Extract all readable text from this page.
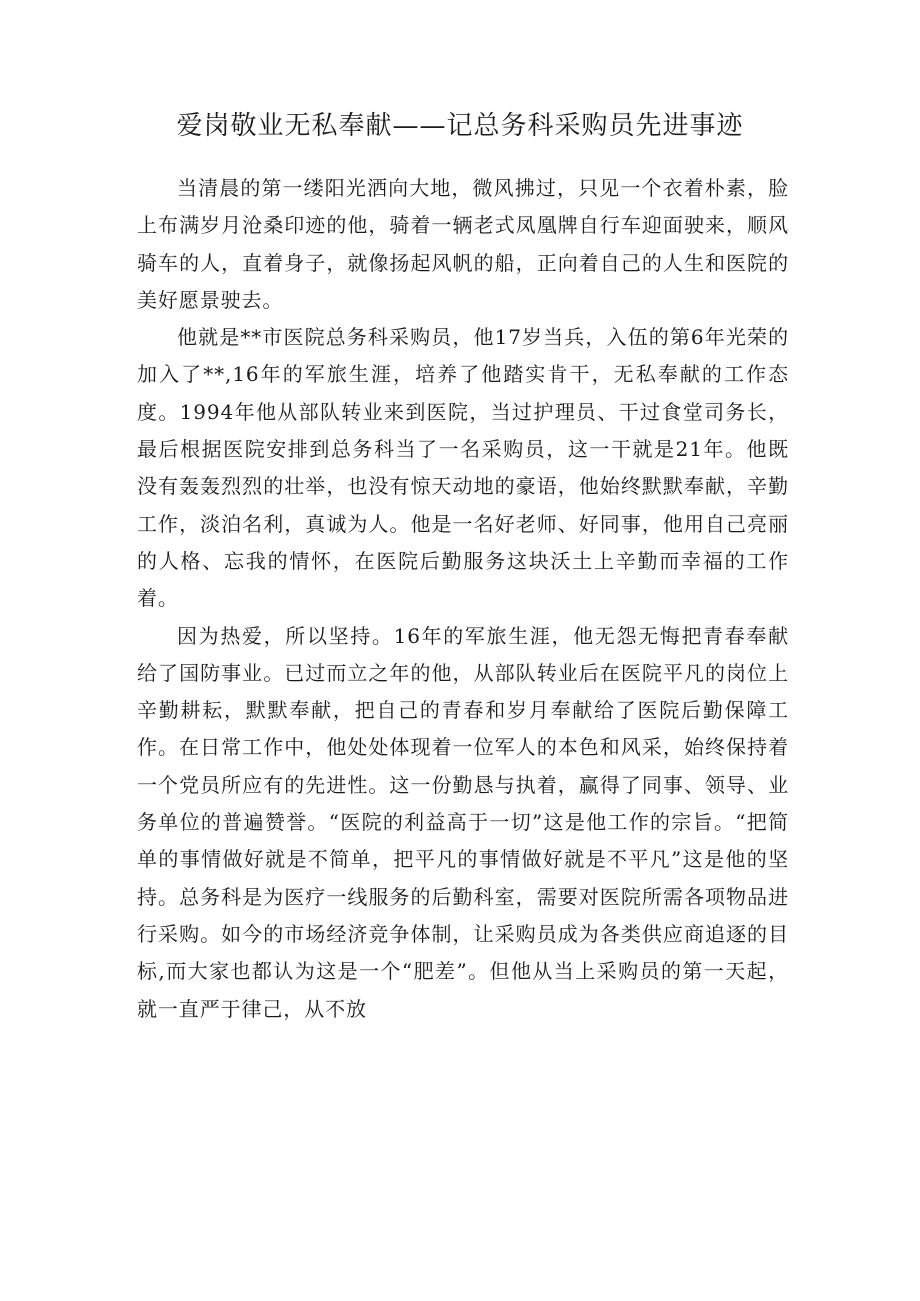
爱岗敬业无私奉献——记总务科采购员先进事迹

当清晨的第一缕阳光洒向大地，微风拂过，只见一个衣着朴素，脸上布满岁月沧桑印迹的他，骑着一辆老式凤凰牌自行车迎面驶来，顺风骑车的人，直着身子，就像扬起风帆的船，正向着自己的人生和医院的美好愿景驶去。

他就是**市医院总务科采购员，他17岁当兵，入伍的第6年光荣的加入了**,16年的军旅生涯，培养了他踏实肯干，无私奉献的工作态度。1994年他从部队转业来到医院，当过护理员、干过食堂司务长，最后根据医院安排到总务科当了一名采购员，这一干就是21年。他既没有轰轰烈烈的壮举，也没有惊天动地的豪语，他始终默默奉献，辛勤工作，淡泊名利，真诚为人。他是一名好老师、好同事，他用自己亮丽的人格、忘我的情怀，在医院后勤服务这块沃土上辛勤而幸福的工作着。

因为热爱，所以坚持。16年的军旅生涯，他无怨无悔把青春奉献给了国防事业。已过而立之年的他，从部队转业后在医院平凡的岗位上辛勤耕耘，默默奉献，把自己的青春和岁月奉献给了医院后勤保障工作。在日常工作中，他处处体现着一位军人的本色和风采，始终保持着一个党员所应有的先进性。这一份勤恳与执着，赢得了同事、领导、业务单位的普遍赞誉。“医院的利益高于一切”这是他工作的宗旨。“把简单的事情做好就是不简单，把平凡的事情做好就是不平凡”这是他的坚持。总务科是为医疗一线服务的后勤科室，需要对医院所需各项物品进行采购。如今的市场经济竞争体制，让采购员成为各类供应商追逐的目标,而大家也都认为这是一个“肥差”。但他从当上采购员的第一天起，就一直严于律己，从不放
